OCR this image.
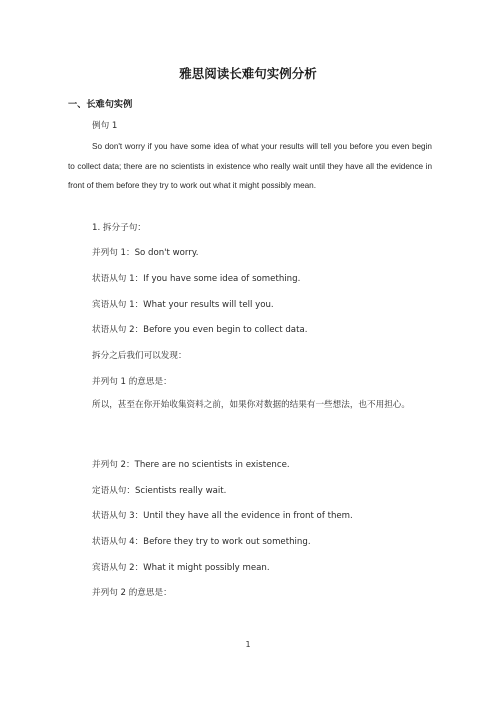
雅思阅读长难句实例分析
一、长难句实例
例句 1
So don't worry if you have some idea of what your results will tell you before you even begin to collect data; there are no scientists in existence who really wait until they have all the evidence in front of them before they try to work out what it might possibly mean.
1. 拆分子句：
并列句 1：So don't worry.
状语从句 1：If you have some idea of something.
宾语从句 1：What your results will tell you.
状语从句 2：Before you even begin to collect data.
拆分之后我们可以发现：
并列句 1 的意思是：
所以，甚至在你开始收集资料之前，如果你对数据的结果有一些想法，也不用担心。
并列句 2：There are no scientists in existence.
定语从句：Scientists really wait.
状语从句 3：Until they have all the evidence in front of them.
状语从句 4：Before they try to work out something.
宾语从句 2：What it might possibly mean.
并列句 2 的意思是：
1
